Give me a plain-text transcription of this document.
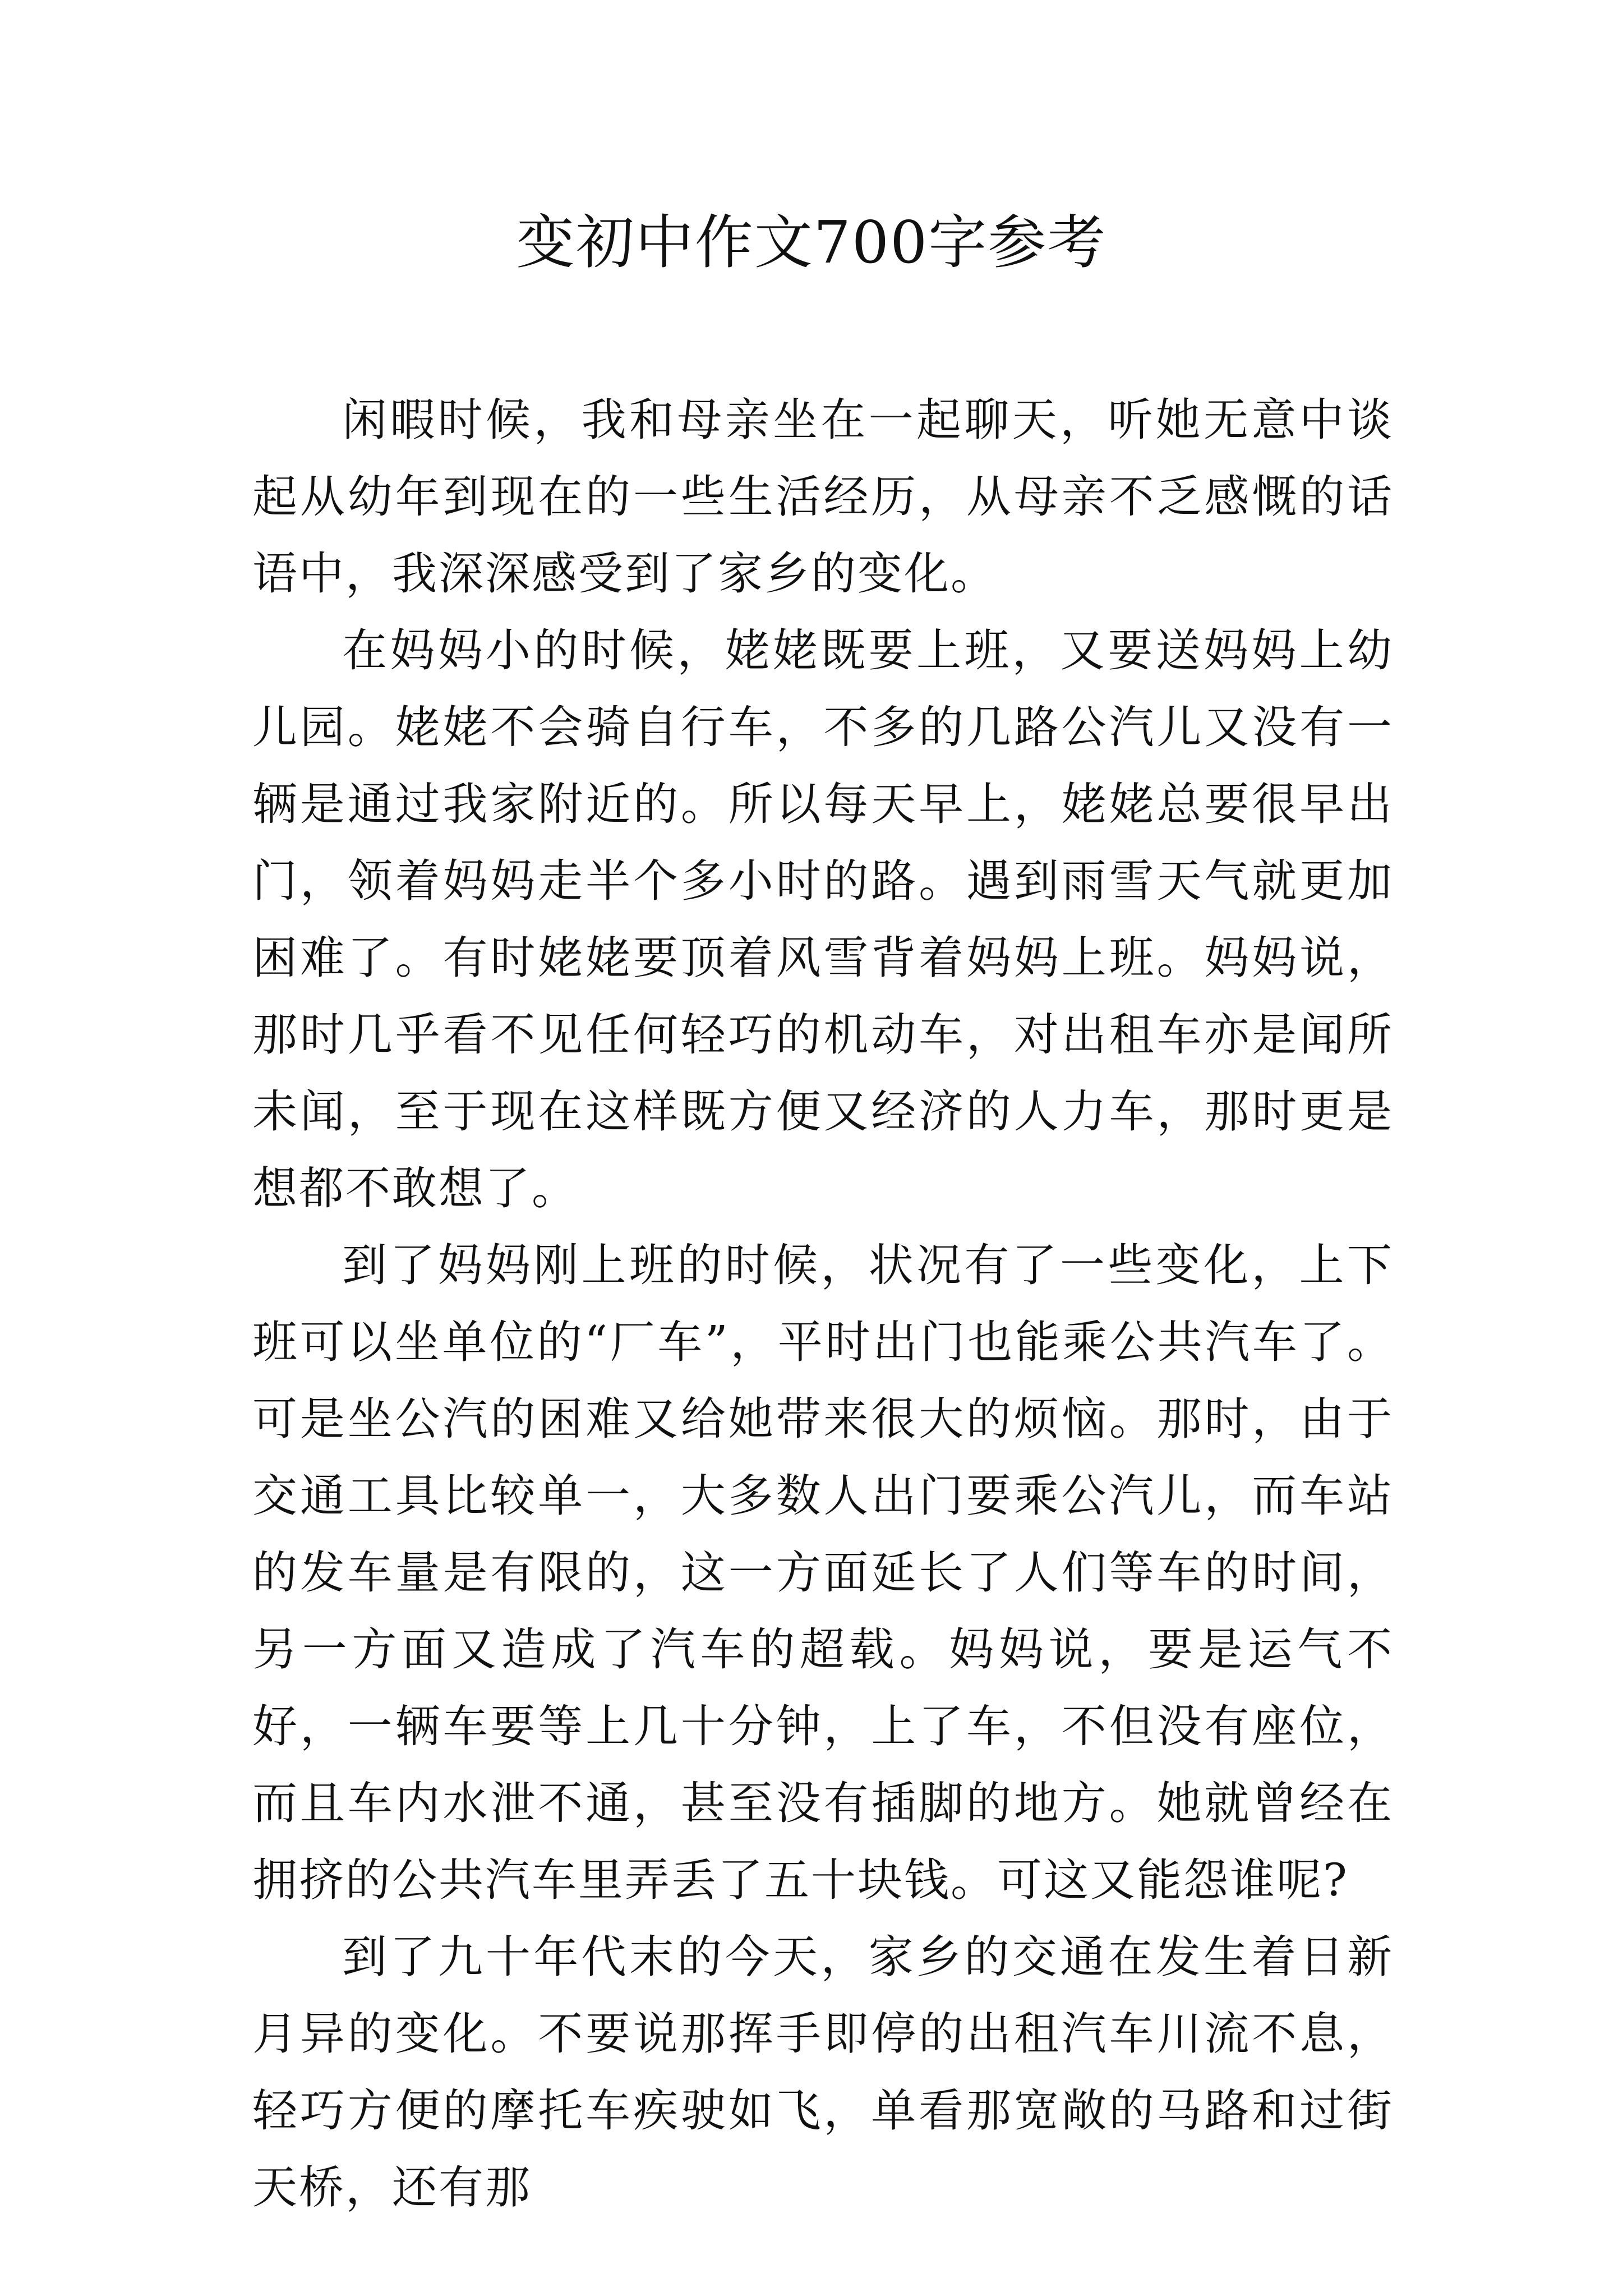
变初中作文700字参考

闲暇时候，我和母亲坐在一起聊天，听她无意中谈起从幼年到现在的一些生活经历，从母亲不乏感慨的话语中，我深深感受到了家乡的变化。

在妈妈小的时候，姥姥既要上班，又要送妈妈上幼儿园。姥姥不会骑自行车，不多的几路公汽儿又没有一辆是通过我家附近的。所以每天早上，姥姥总要很早出门，领着妈妈走半个多小时的路。遇到雨雪天气就更加困难了。有时姥姥要顶着风雪背着妈妈上班。妈妈说，那时几乎看不见任何轻巧的机动车，对出租车亦是闻所未闻，至于现在这样既方便又经济的人力车，那时更是想都不敢想了。

到了妈妈刚上班的时候，状况有了一些变化，上下班可以坐单位的“厂车”，平时出门也能乘公共汽车了。可是坐公汽的困难又给她带来很大的烦恼。那时，由于交通工具比较单一，大多数人出门要乘公汽儿，而车站的发车量是有限的，这一方面延长了人们等车的时间，另一方面又造成了汽车的超载。妈妈说，要是运气不好，一辆车要等上几十分钟，上了车，不但没有座位，而且车内水泄不通，甚至没有插脚的地方。她就曾经在拥挤的公共汽车里弄丢了五十块钱。可这又能怨谁呢?

到了九十年代末的今天，家乡的交通在发生着日新月异的变化。不要说那挥手即停的出租汽车川流不息，轻巧方便的摩托车疾驶如飞，单看那宽敞的马路和过街天桥，还有那
